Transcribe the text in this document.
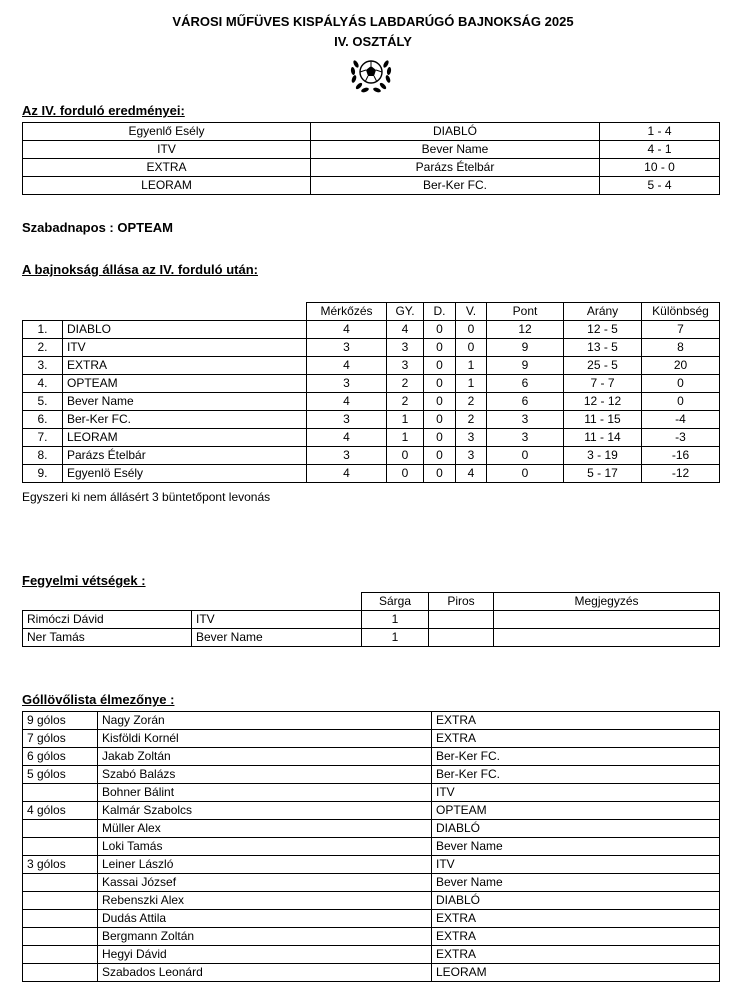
VÁROSI MŰFÜVES KISPÁLYÁS LABDARÚGÓ BAJNOKSÁG 2025
IV. OSZTÁLY
Az IV. forduló eredményei:
Egyenlő Esély	DIABLÓ	1 - 4
ITV	Bever Name	4 - 1
EXTRA	Parázs Ételbár	10 - 0
LEORAM	Ber-Ker FC.	5 - 4
Szabadnapos : OPTEAM
A bajnokság állása az IV. forduló után:
		Mérkőzés	GY.	D.	V.	Pont	Arány	Különbség
1.	DIABLO	4	4	0	0	12	12 - 5	7
2.	ITV	3	3	0	0	9	13 - 5	8
3.	EXTRA	4	3	0	1	9	25 - 5	20
4.	OPTEAM	3	2	0	1	6	7 - 7	0
5.	Bever Name	4	2	0	2	6	12 - 12	0
6.	Ber-Ker FC.	3	1	0	2	3	11 - 15	-4
7.	LEORAM	4	1	0	3	3	11 - 14	-3
8.	Parázs Ételbár	3	0	0	3	0	3 - 19	-16
9.	Egyenlö Esély	4	0	0	4	0	5 - 17	-12
Egyszeri ki nem állásért 3 büntetőpont levonás
Fegyelmi vétségek :
		Sárga	Piros	Megjegyzés
Rimóczi Dávid	ITV	1		
Ner Tamás	Bever Name	1		
Góllövőlista élmezőnye :
9 gólos	Nagy Zorán	EXTRA
7 gólos	Kisföldi Kornél	EXTRA
6 gólos	Jakab Zoltán	Ber-Ker FC.
5 gólos	Szabó Balázs	Ber-Ker FC.
	Bohner Bálint	ITV
4 gólos	Kalmár Szabolcs	OPTEAM
	Müller Alex	DIABLÓ
	Loki Tamás	Bever Name
3 gólos	Leiner László	ITV
	Kassai József	Bever Name
	Rebenszki Alex	DIABLÓ
	Dudás Attila	EXTRA
	Bergmann Zoltán	EXTRA
	Hegyi Dávid	EXTRA
	Szabados Leonárd	LEORAM
